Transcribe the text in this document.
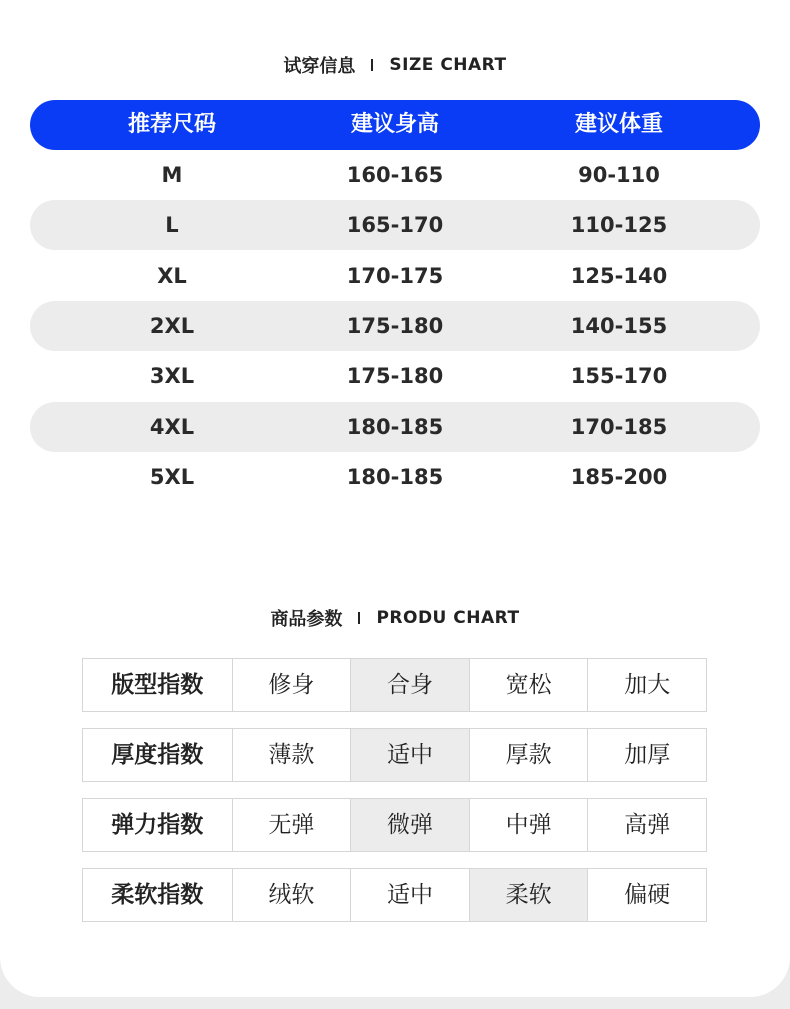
试穿信息 SIZE CHART
推荐尺码	建议身高	建议体重
M	160-165	90-110
L	165-170	110-125
XL	170-175	125-140
2XL	175-180	140-155
3XL	175-180	155-170
4XL	180-185	170-185
5XL	180-185	185-200
商品参数 PRODU CHART
版型指数	修身	合身	宽松	加大
厚度指数	薄款	适中	厚款	加厚
弹力指数	无弹	微弹	中弹	高弹
柔软指数	绒软	适中	柔软	偏硬
